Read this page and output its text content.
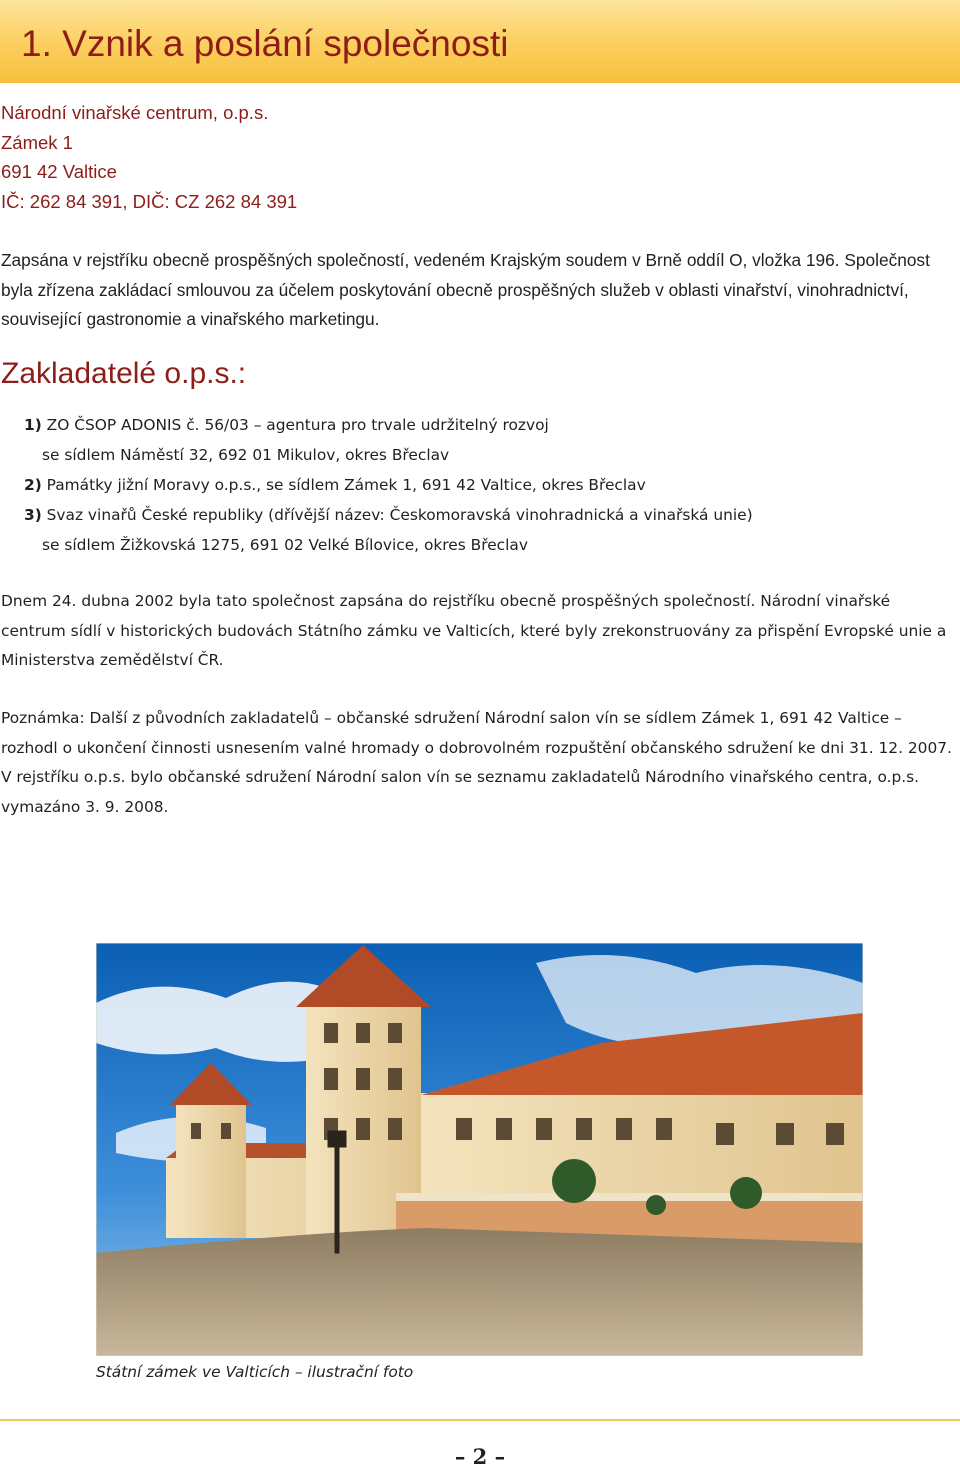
1. Vznik a poslání společnosti
Národní vinařské centrum, o.p.s.
Zámek 1
691 42 Valtice
IČ: 262 84 391, DIČ: CZ 262 84 391

Zapsána v rejstříku obecně prospěšných společností, vedeném Krajským soudem v Brně oddíl O, vložka 196. Společnost byla zřízena zakládací smlouvou za účelem poskytování obecně prospěšných služeb v oblasti vinařství, vinohradnictví, související gastronomie a vinařského marketingu.

Zakladatelé o.p.s.:
1) ZO ČSOP ADONIS č. 56/03 – agentura pro trvale udržitelný rozvoj
se sídlem Náměstí 32, 692 01 Mikulov, okres Břeclav
2) Památky jižní Moravy o.p.s., se sídlem Zámek 1, 691 42 Valtice, okres Břeclav
3) Svaz vinařů České republiky (dřívější název: Českomoravská vinohradnická a vinařská unie)
se sídlem Žižkovská 1275, 691 02 Velké Bílovice, okres Břeclav

Dnem 24. dubna 2002 byla tato společnost zapsána do rejstříku obecně prospěšných společností. Národní vinařské centrum sídlí v historických budovách Státního zámku ve Valticích, které byly zrekonstruovány za přispění Evropské unie a Ministerstva zemědělství ČR.

Poznámka: Další z původních zakladatelů – občanské sdružení Národní salon vín se sídlem Zámek 1, 691 42 Valtice – rozhodl o ukončení činnosti usnesením valné hromady o dobrovolném rozpuštění občanského sdružení ke dni 31. 12. 2007. V rejstříku o.p.s. bylo občanské sdružení Národní salon vín se seznamu zakladatelů Národního vinařského centra, o.p.s. vymazáno 3. 9. 2008.

Státní zámek ve Valticích – ilustrační foto
– 2 –
